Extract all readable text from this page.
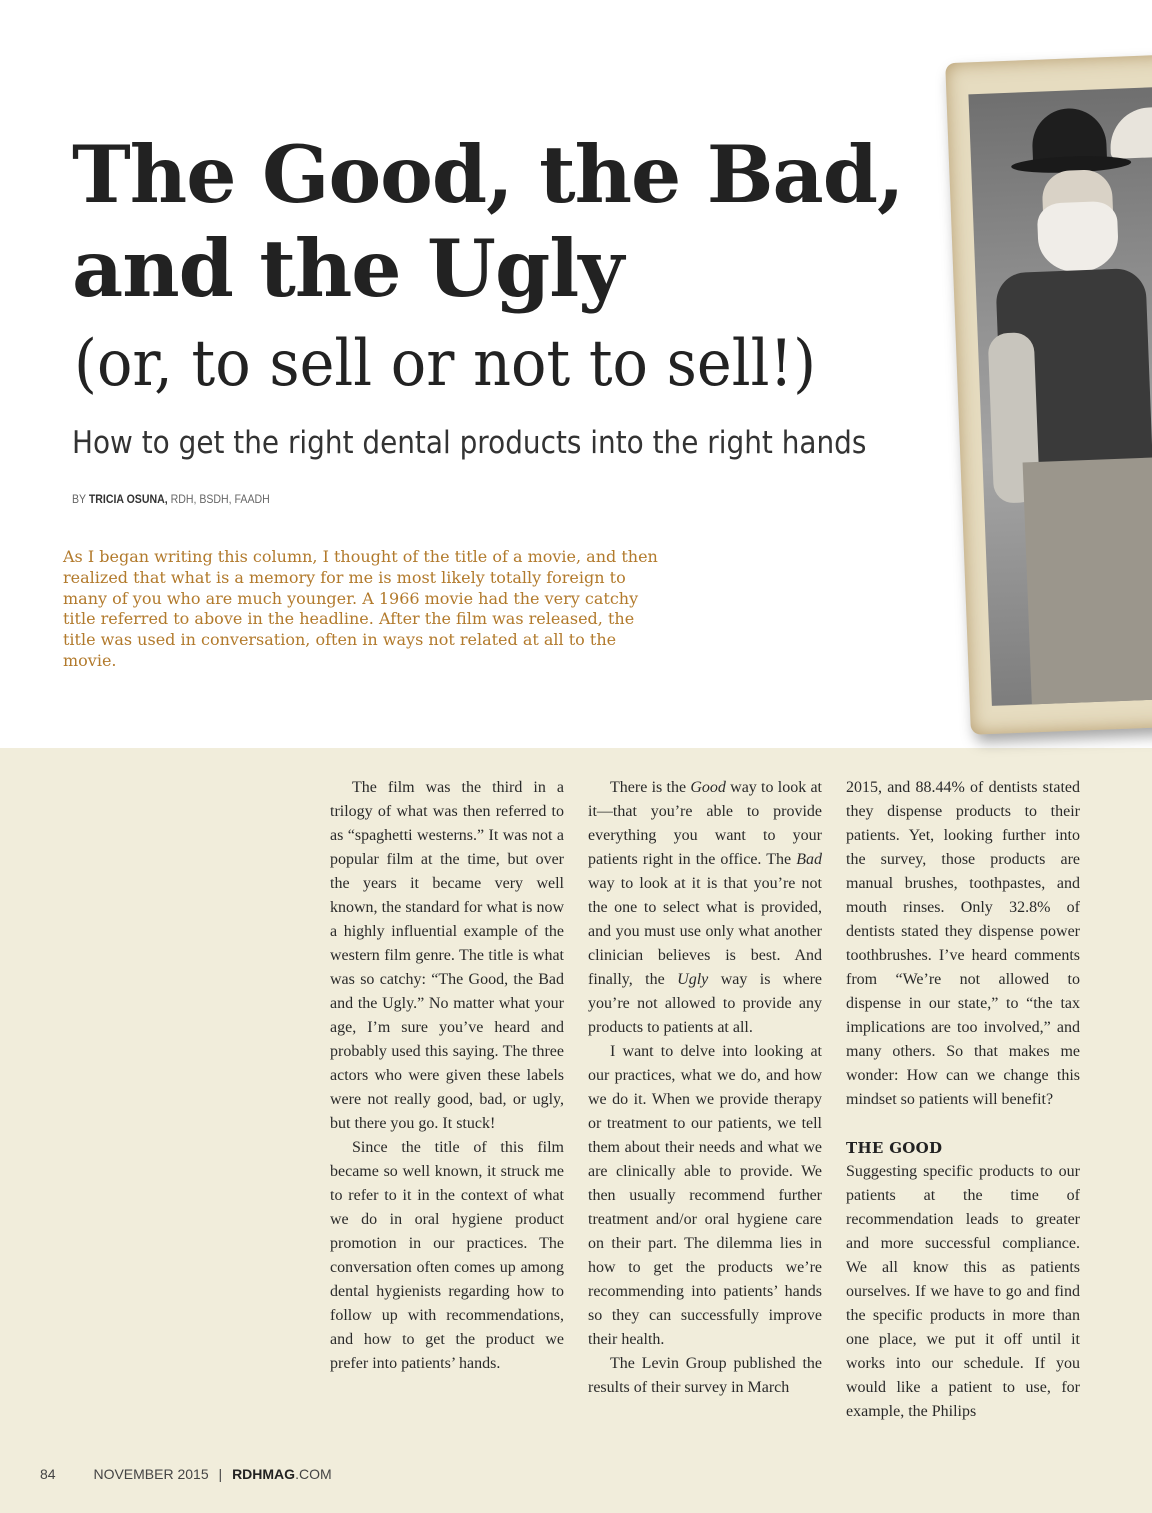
The Good, the Bad,
and the Ugly
(or, to sell or not to sell!)
How to get the right dental products into the right hands
BY TRICIA OSUNA, RDH, BSDH, FAADH

As I began writing this column, I thought of the title of a movie, and then realized that what is a memory for me is most likely totally foreign to many of you who are much younger. A 1966 movie had the very catchy title referred to above in the headline. After the film was released, the title was used in conversation, often in ways not related at all to the movie.

The film was the third in a trilogy of what was then referred to as “spaghetti westerns.” It was not a popular film at the time, but over the years it became very well known, the standard for what is now a highly influential example of the western film genre. The title is what was so catchy: “The Good, the Bad and the Ugly.” No matter what your age, I’m sure you’ve heard and probably used this saying. The three actors who were given these labels were not really good, bad, or ugly, but there you go. It stuck!

Since the title of this film became so well known, it struck me to refer to it in the context of what we do in oral hygiene product promotion in our practices. The conversation often comes up among dental hygienists regarding how to follow up with recommendations, and how to get the product we prefer into patients’ hands.

There is the Good way to look at it—that you’re able to provide everything you want to your patients right in the office. The Bad way to look at it is that you’re not the one to select what is provided, and you must use only what another clinician believes is best. And finally, the Ugly way is where you’re not allowed to provide any products to patients at all.

I want to delve into looking at our practices, what we do, and how we do it. When we provide therapy or treatment to our patients, we tell them about their needs and what we are clinically able to provide. We then usually recommend further treatment and/or oral hygiene care on their part. The dilemma lies in how to get the products we’re recommending into patients’ hands so they can successfully improve their health.

The Levin Group published the results of their survey in March

2015, and 88.44% of dentists stated they dispense products to their patients. Yet, looking further into the survey, those products are manual brushes, toothpastes, and mouth rinses. Only 32.8% of dentists stated they dispense power toothbrushes. I’ve heard comments from “We’re not allowed to dispense in our state,” to “the tax implications are too involved,” and many others. So that makes me wonder: How can we change this mindset so patients will benefit?

THE GOOD

Suggesting specific products to our patients at the time of recommendation leads to greater and more successful compliance. We all know this as patients ourselves. If we have to go and find the specific products in more than one place, we put it off until it works into our schedule. If you would like a patient to use, for example, the Philips

84	NOVEMBER 2015 | RDHMAG.COM
